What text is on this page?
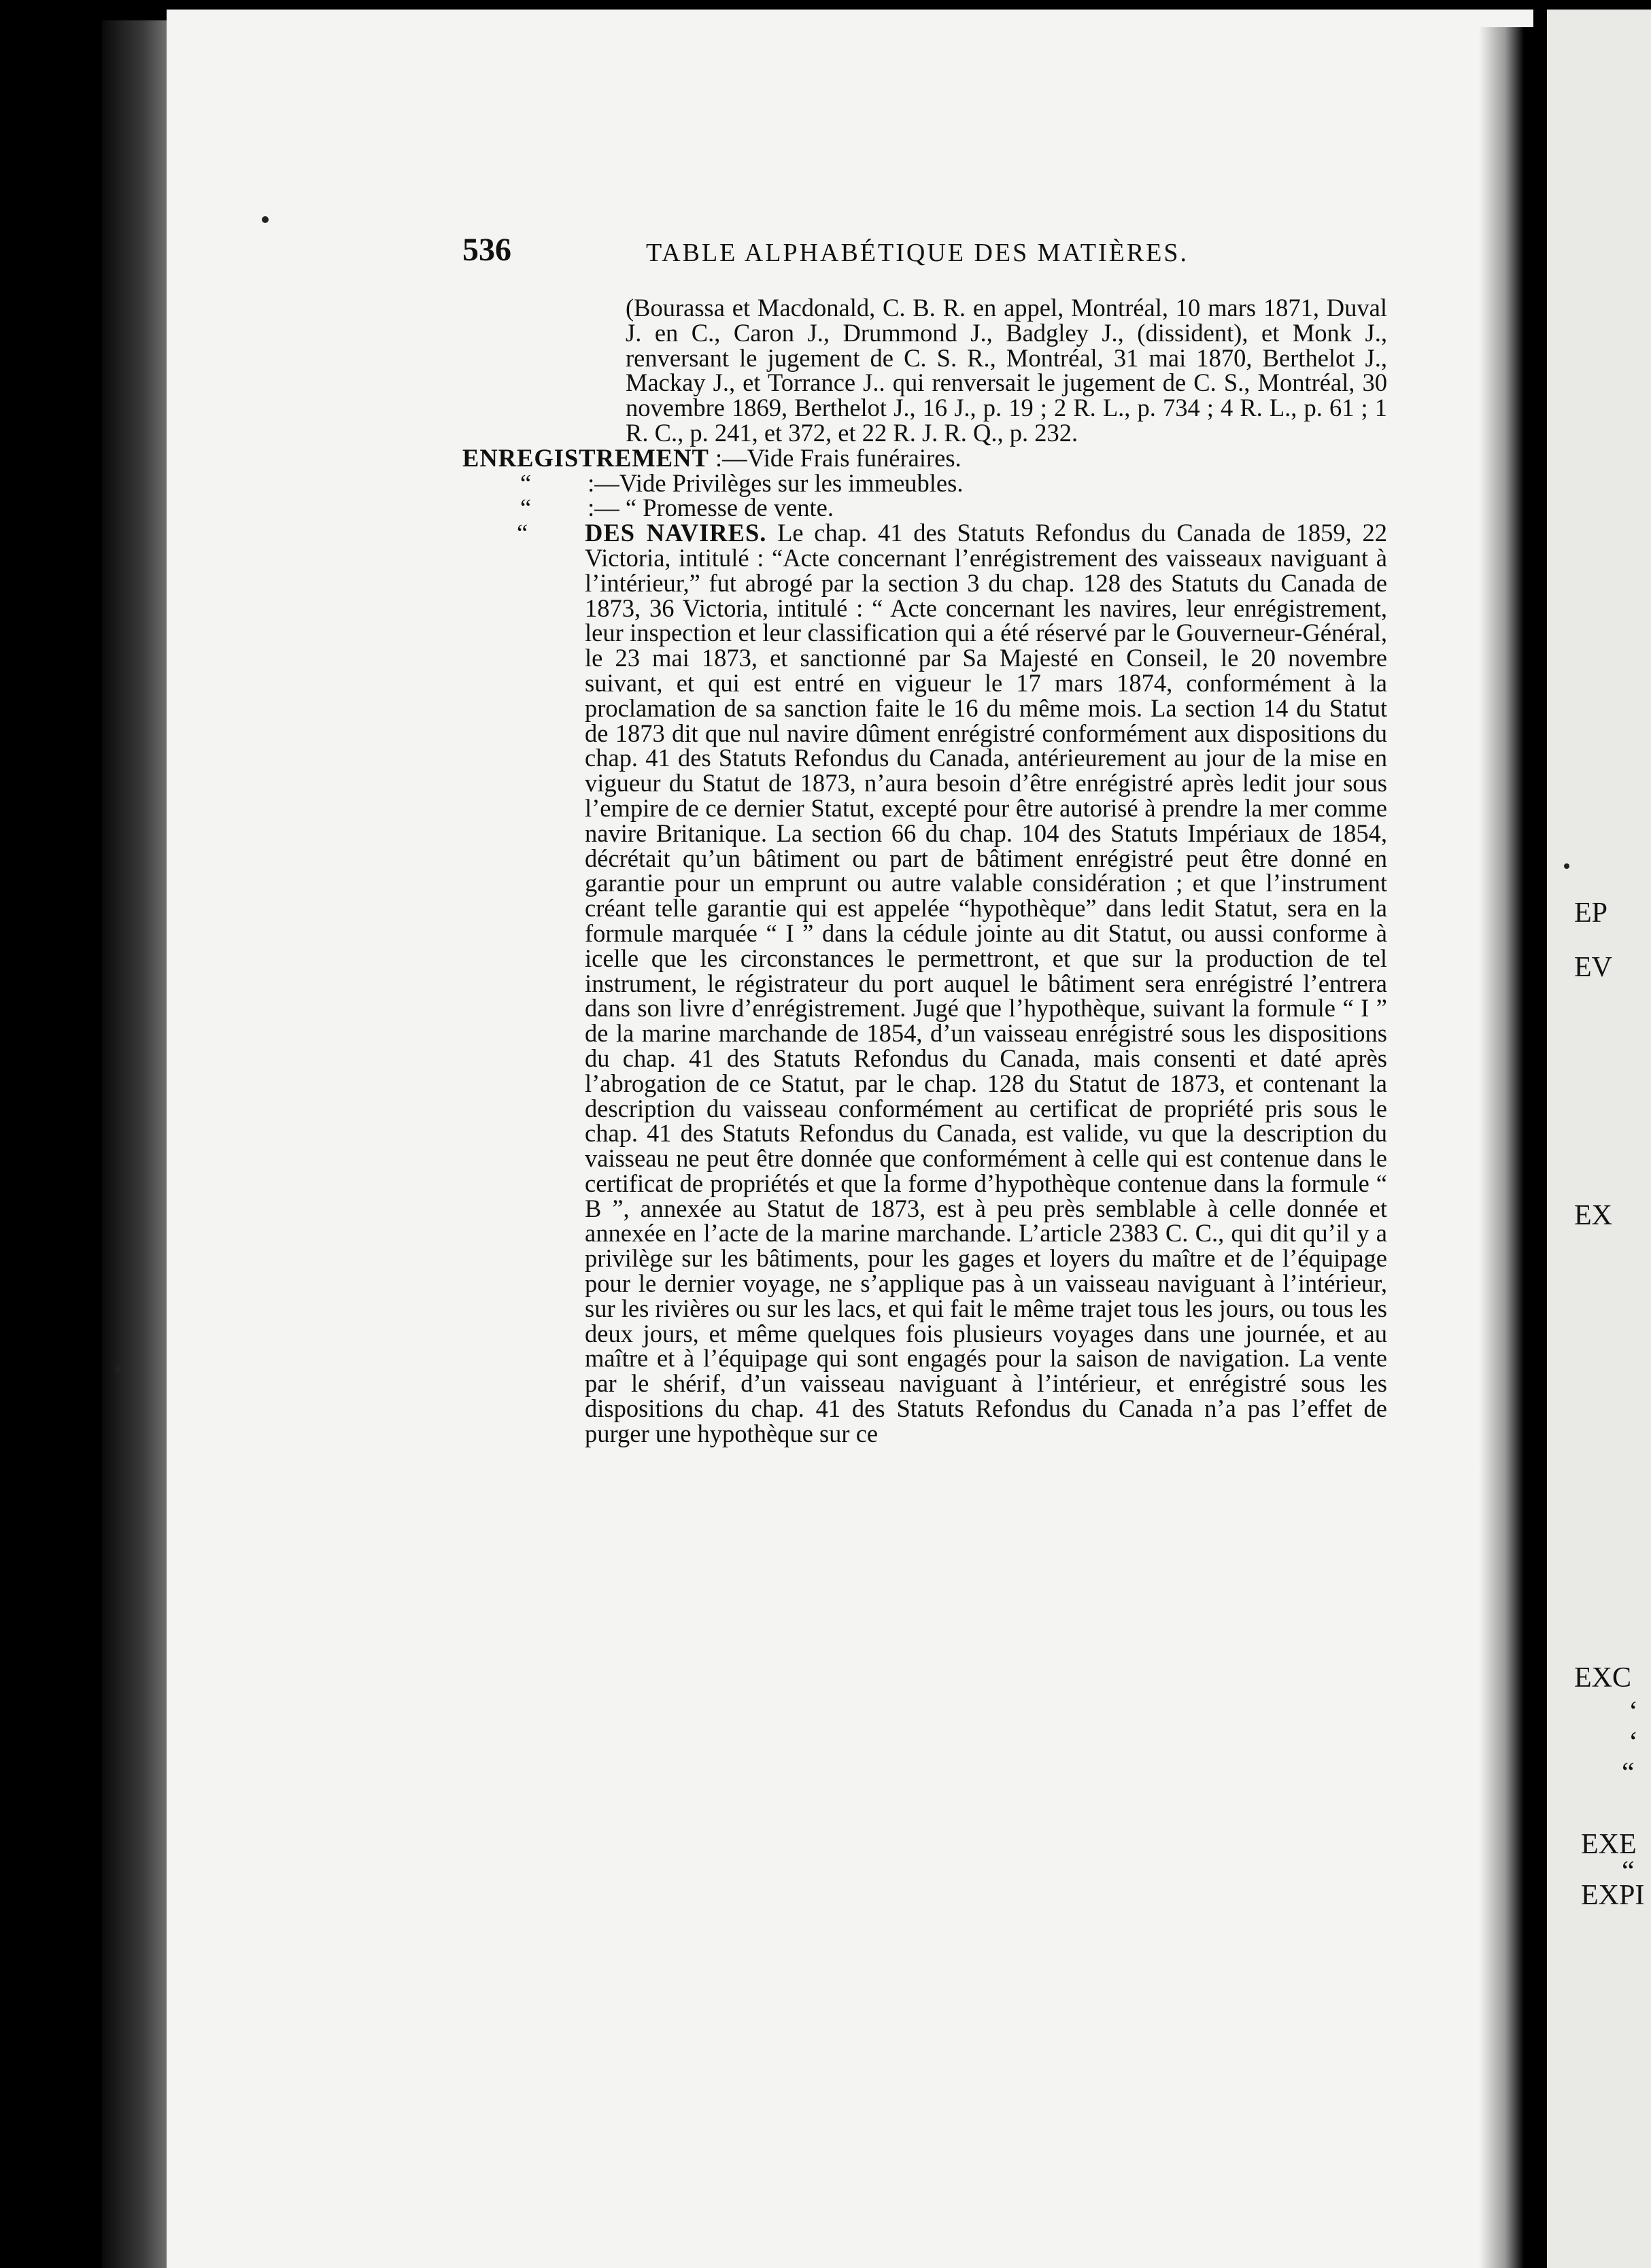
EP
EV
EX
EXC
‘
‘
“
EXE
“
EXPI
536	TABLE ALPHABÉTIQUE DES MATIÈRES.
(Bourassa et Macdonald, C. B. R. en appel, Montréal, 10 mars 1871, Duval J. en C., Caron J., Drummond J., Badgley J., (dissident), et Monk J., renversant le jugement de C. S. R., Montréal, 31 mai 1870, Berthelot J., Mackay J., et Torrance J.. qui renversait le jugement de C. S., Montréal, 30 novembre 1869, Berthelot J., 16 J., p. 19 ; 2 R. L., p. 734 ; 4 R. L., p. 61 ; 1 R. C., p. 241, et 372, et 22 R. J. R. Q., p. 232.
ENREGISTREMENT :—Vide Frais funéraires.
“ :—Vide Privilèges sur les immeubles.
“ :— “ Promesse de vente.
“ DES NAVIRES. Le chap. 41 des Statuts Refondus du Canada de 1859, 22 Victoria, intitulé : “Acte concernant l’enrégistrement des vaisseaux naviguant à l’intérieur,” fut abrogé par la section 3 du chap. 128 des Statuts du Canada de 1873, 36 Victoria, intitulé : “ Acte concernant les navires, leur enrégistrement, leur inspection et leur classification qui a été réservé par le Gouverneur-Général, le 23 mai 1873, et sanctionné par Sa Majesté en Conseil, le 20 novembre suivant, et qui est entré en vigueur le 17 mars 1874, conformément à la proclamation de sa sanction faite le 16 du même mois. La section 14 du Statut de 1873 dit que nul navire dûment enrégistré conformément aux dispositions du chap. 41 des Statuts Refondus du Canada, antérieurement au jour de la mise en vigueur du Statut de 1873, n’aura besoin d’être enrégistré après ledit jour sous l’empire de ce dernier Statut, excepté pour être autorisé à prendre la mer comme navire Britanique. La section 66 du chap. 104 des Statuts Impériaux de 1854, décrétait qu’un bâtiment ou part de bâtiment enrégistré peut être donné en garantie pour un emprunt ou autre valable considération ; et que l’instrument créant telle garantie qui est appelée “hypothèque” dans ledit Statut, sera en la formule marquée “ I ” dans la cédule jointe au dit Statut, ou aussi conforme à icelle que les circonstances le permettront, et que sur la production de tel instrument, le régistrateur du port auquel le bâtiment sera enrégistré l’entrera dans son livre d’enrégistrement. Jugé que l’hypothèque, suivant la formule “ I ” de la marine marchande de 1854, d’un vaisseau enrégistré sous les dispositions du chap. 41 des Statuts Refondus du Canada, mais consenti et daté après l’abrogation de ce Statut, par le chap. 128 du Statut de 1873, et contenant la description du vaisseau conformément au certificat de propriété pris sous le chap. 41 des Statuts Refondus du Canada, est valide, vu que la description du vaisseau ne peut être donnée que conformément à celle qui est contenue dans le certificat de propriétés et que la forme d’hypothèque contenue dans la formule “ B ”, annexée au Statut de 1873, est à peu près semblable à celle donnée et annexée en l’acte de la marine marchande. L’article 2383 C. C., qui dit qu’il y a privilège sur les bâtiments, pour les gages et loyers du maître et de l’équipage pour le dernier voyage, ne s’applique pas à un vaisseau naviguant à l’intérieur, sur les rivières ou sur les lacs, et qui fait le même trajet tous les jours, ou tous les deux jours, et même quelques fois plusieurs voyages dans une journée, et au maître et à l’équipage qui sont engagés pour la saison de navigation. La vente par le shérif, d’un vaisseau naviguant à l’intérieur, et enrégistré sous les dispositions du chap. 41 des Statuts Refondus du Canada n’a pas l’effet de purger une hypothèque sur ce
